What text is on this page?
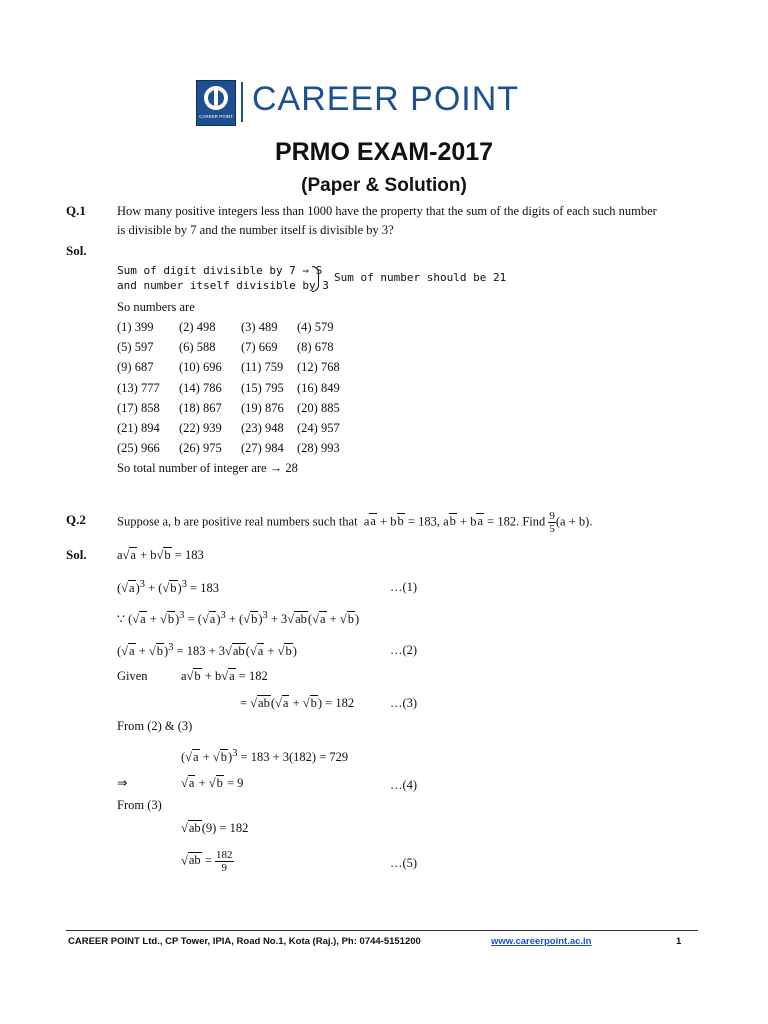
CAREER POINT CAREER POINT
PRMO EXAM-2017
(Paper & Solution)
Q.1 How many positive integers less than 1000 have the property that the sum of the digits of each such number
is divisible by 7 and the number itself is divisible by 3?
Sol.
Sum of digit divisible by 7 ⇒ S
and number itself divisible by 3
Sum of number should be 21
So numbers are
(1) 399 (2) 498 (3) 489 (4) 579
(5) 597 (6) 588 (7) 669 (8) 678
(9) 687 (10) 696 (11) 759 (12) 768
(13) 777 (14) 786 (15) 795 (16) 849
(17) 858 (18) 867 (19) 876 (20) 885
(21) 894 (22) 939 (23) 948 (24) 957
(25) 966 (26) 975 (27) 984 (28) 993
So total number of integer are → 28
Q.2 Suppose a, b are positive real numbers such that  aa + bb = 183, ab + ba = 182. Find $\frac{9}{5} (a + b)$.
Sol. a√a + b√b = 183
$(√a)^3 + (√b)^3 = 183$	…(1)
∵ $(√a + √b)^3 = (√a)^3 + (√b)^3 + 3√ab(√a + √b)$
$(√a + √b)^3 = 183 + 3√ab(√a + √b)$	…(2)
Given	a√b + b√a = 182
= √ab(√a + √b) = 182	…(3)
From (2) & (3)
$(√a + √b)^3 = 183 + 3(182) = 729$
⇒	√a + √b = 9	…(4)
From (3)
√ab(9) = 182
$√ab = \frac{182}{9}$	…(5)
CAREER POINT Ltd., CP Tower, IPIA, Road No.1, Kota (Raj.), Ph: 0744-5151200	www.careerpoint.ac.in	1
